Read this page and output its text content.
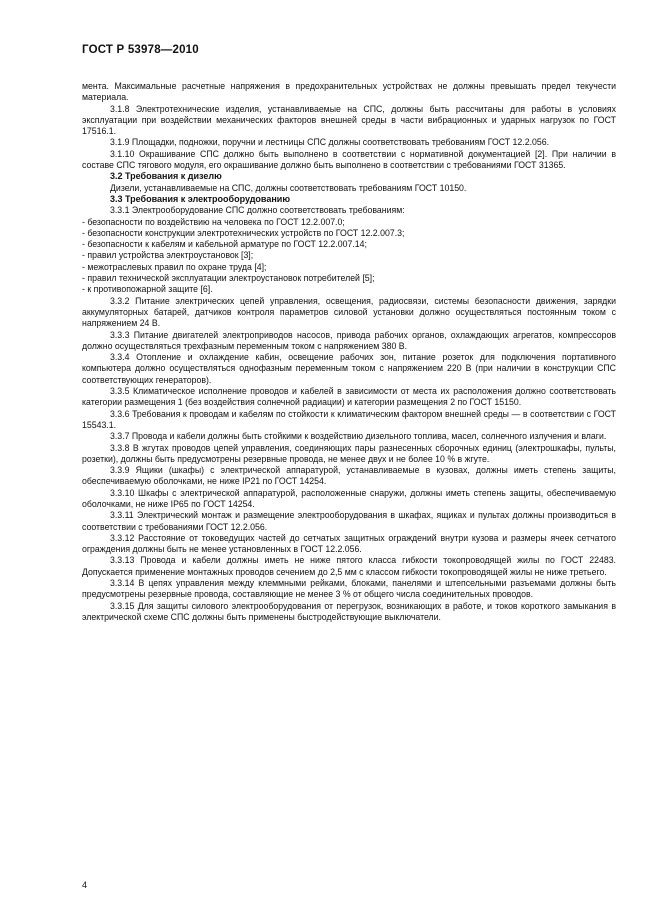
ГОСТ Р 53978—2010

мента. Максимальные расчетные напряжения в предохранительных устройствах не должны превышать предел текучести материала.

3.1.8 Электротехнические изделия, устанавливаемые на СПС, должны быть рассчитаны для работы в условиях эксплуатации при воздействии механических факторов внешней среды в части вибрационных и ударных нагрузок по ГОСТ 17516.1.

3.1.9 Площадки, подножки, поручни и лестницы СПС должны соответствовать требованиям ГОСТ 12.2.056.

3.1.10 Окрашивание СПС должно быть выполнено в соответствии с нормативной документацией [2]. При наличии в составе СПС тягового модуля, его окрашивание должно быть выполнено в соответствии с требованиями ГОСТ 31365.

3.2 Требования к дизелю

Дизели, устанавливаемые на СПС, должны соответствовать требованиям ГОСТ 10150.

3.3 Требования к электрооборудованию

3.3.1 Электрооборудование СПС должно соответствовать требованиям:

- безопасности по воздействию на человека по ГОСТ 12.2.007.0;

- безопасности конструкции электротехнических устройств по ГОСТ 12.2.007.3;

- безопасности к кабелям и кабельной арматуре по ГОСТ 12.2.007.14;

- правил устройства электроустановок [3];

- межотраслевых правил по охране труда [4];

- правил технической эксплуатации электроустановок потребителей [5];

- к противопожарной защите [6].

3.3.2 Питание электрических цепей управления, освещения, радиосвязи, системы безопасности движения, зарядки аккумуляторных батарей, датчиков контроля параметров силовой установки должно осуществляться постоянным током с напряжением 24 В.

3.3.3 Питание двигателей электроприводов насосов, привода рабочих органов, охлаждающих агрегатов, компрессоров должно осуществляться трехфазным переменным током с напряжением 380 В.

3.3.4 Отопление и охлаждение кабин, освещение рабочих зон, питание розеток для подключения портативного компьютера должно осуществляться однофазным переменным током с напряжением 220 В (при наличии в конструкции СПС соответствующих генераторов).

3.3.5 Климатическое исполнение проводов и кабелей в зависимости от места их расположения должно соответствовать категории размещения 1 (без воздействия солнечной радиации) и категории размещения 2 по ГОСТ 15150.

3.3.6 Требования к проводам и кабелям по стойкости к климатическим фактором внешней среды — в соответствии с ГОСТ 15543.1.

3.3.7 Провода и кабели должны быть стойкими к воздействию дизельного топлива, масел, солнечного излучения и влаги.

3.3.8 В жгутах проводов цепей управления, соединяющих пары разнесенных сборочных единиц (электрошкафы, пульты, розетки), должны быть предусмотрены резервные провода, не менее двух и не более 10 % в жгуте.

3.3.9 Ящики (шкафы) с электрической аппаратурой, устанавливаемые в кузовах, должны иметь степень защиты, обеспечиваемую оболочками, не ниже IP21 по ГОСТ 14254.

3.3.10 Шкафы с электрической аппаратурой, расположенные снаружи, должны иметь степень защиты, обеспечиваемую оболочками, не ниже IP65 по ГОСТ 14254.

3.3.11 Электрический монтаж и размещение электрооборудования в шкафах, ящиках и пультах должны производиться в соответствии с требованиями ГОСТ 12.2.056.

3.3.12 Расстояние от токоведущих частей до сетчатых защитных ограждений внутри кузова и размеры ячеек сетчатого ограждения должны быть не менее установленных в ГОСТ 12.2.056.

3.3.13 Провода и кабели должны иметь не ниже пятого класса гибкости токопроводящей жилы по ГОСТ 22483. Допускается применение монтажных проводов сечением до 2,5 мм с классом гибкости токопроводящей жилы не ниже третьего.

3.3.14 В цепях управления между клеммными рейками, блоками, панелями и штепсельными разъемами должны быть предусмотрены резервные провода, составляющие не менее 3 % от общего числа соединительных проводов.

3.3.15 Для защиты силового электрооборудования от перегрузок, возникающих в работе, и токов короткого замыкания в электрической схеме СПС должны быть применены быстродействующие выключатели.

4
